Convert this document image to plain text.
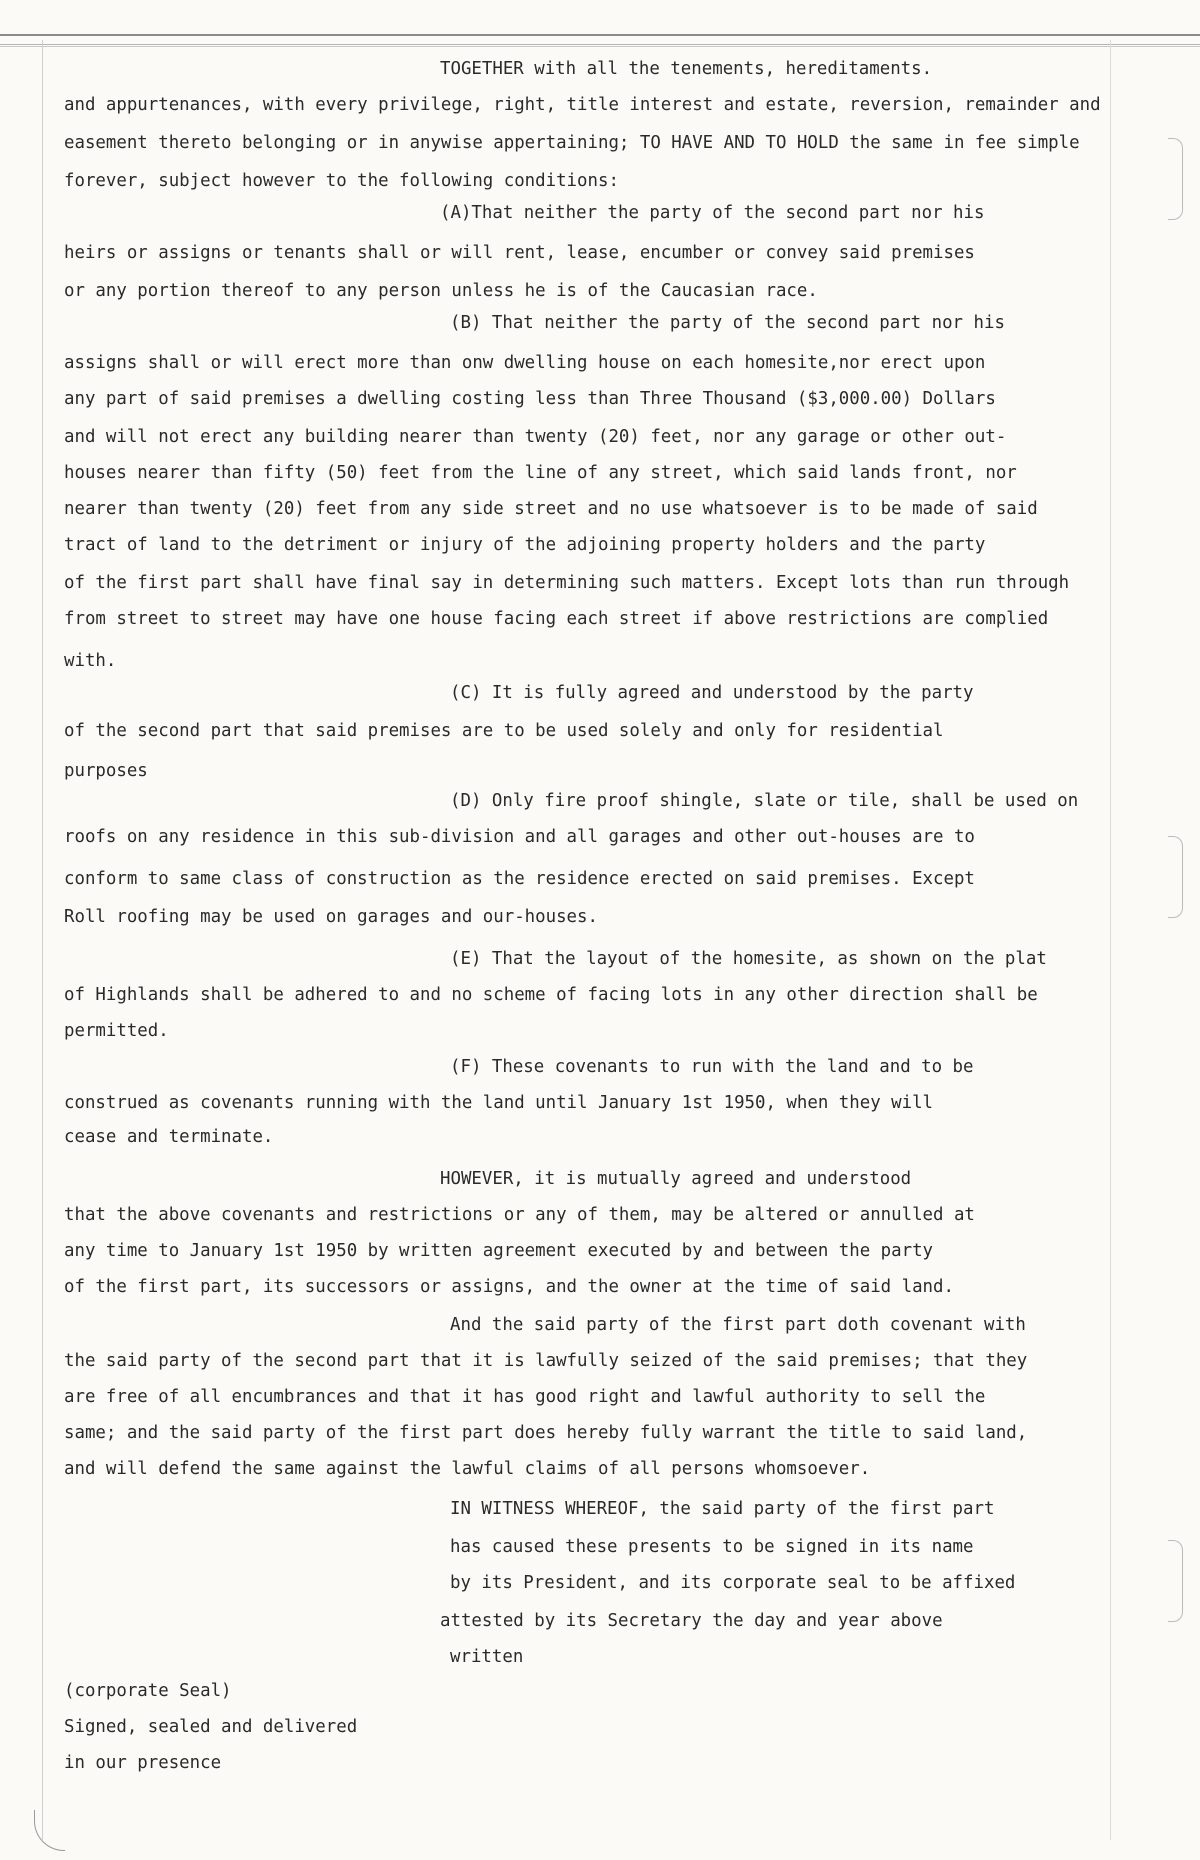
TOGETHER with all the tenements, hereditaments.
and appurtenances, with every privilege, right, title interest and estate, reversion, remainder and
easement thereto belonging or in anywise appertaining; TO HAVE AND TO HOLD the same in fee simple
forever, subject however to the following conditions:
(A)That neither the party of the second part nor his
heirs or assigns or tenants shall or will rent, lease, encumber or convey said premises
or any portion thereof to any person unless he is of the Caucasian race.
(B) That neither the party of the second part nor his
assigns shall or will erect more than onw dwelling house on each homesite,nor erect upon
any part of said premises a dwelling costing less than Three Thousand ($3,000.00) Dollars
and will not erect any building nearer than twenty (20) feet, nor any garage or other out-
houses nearer than fifty (50) feet from the line of any street, which said lands front, nor
nearer than twenty (20) feet from any side street and no use whatsoever is to be made of said
tract of land to the detriment or injury of the adjoining property holders and the party
of the first part shall have final say in determining such matters. Except lots than run through
from street to street may have one house facing each street if above restrictions are complied
with.
(C) It is fully agreed and understood by the party
of the second part that said premises are to be used solely and only for residential
purposes
(D) Only fire proof shingle, slate or tile, shall be used on
roofs on any residence in this sub-division and all garages and other out-houses are to
conform to same class of construction as the residence erected on said premises. Except
Roll roofing may be used on garages and our-houses.
(E) That the layout of the homesite, as shown on the plat
of Highlands shall be adhered to and no scheme of facing lots in any other direction shall be
permitted.
(F) These covenants to run with the land and to be
construed as covenants running with the land until January 1st 1950, when they will
cease and terminate.
HOWEVER, it is mutually agreed and understood
that the above covenants and restrictions or any of them, may be altered or annulled at
any time to January 1st 1950 by written agreement executed by and between the party
of the first part, its successors or assigns, and the owner at the time of said land.
And the said party of the first part doth covenant with
the said party of the second part that it is lawfully seized of the said premises; that they
are free of all encumbrances and that it has good right and lawful authority to sell the
same; and the said party of the first part does hereby fully warrant the title to said land,
and will defend the same against the lawful claims of all persons whomsoever.
IN WITNESS WHEREOF, the said party of the first part
has caused these presents to be signed in its name
by its President, and its corporate seal to be affixed
attested by its Secretary the day and year above
written
(corporate Seal)
Signed, sealed and delivered
in our presence
